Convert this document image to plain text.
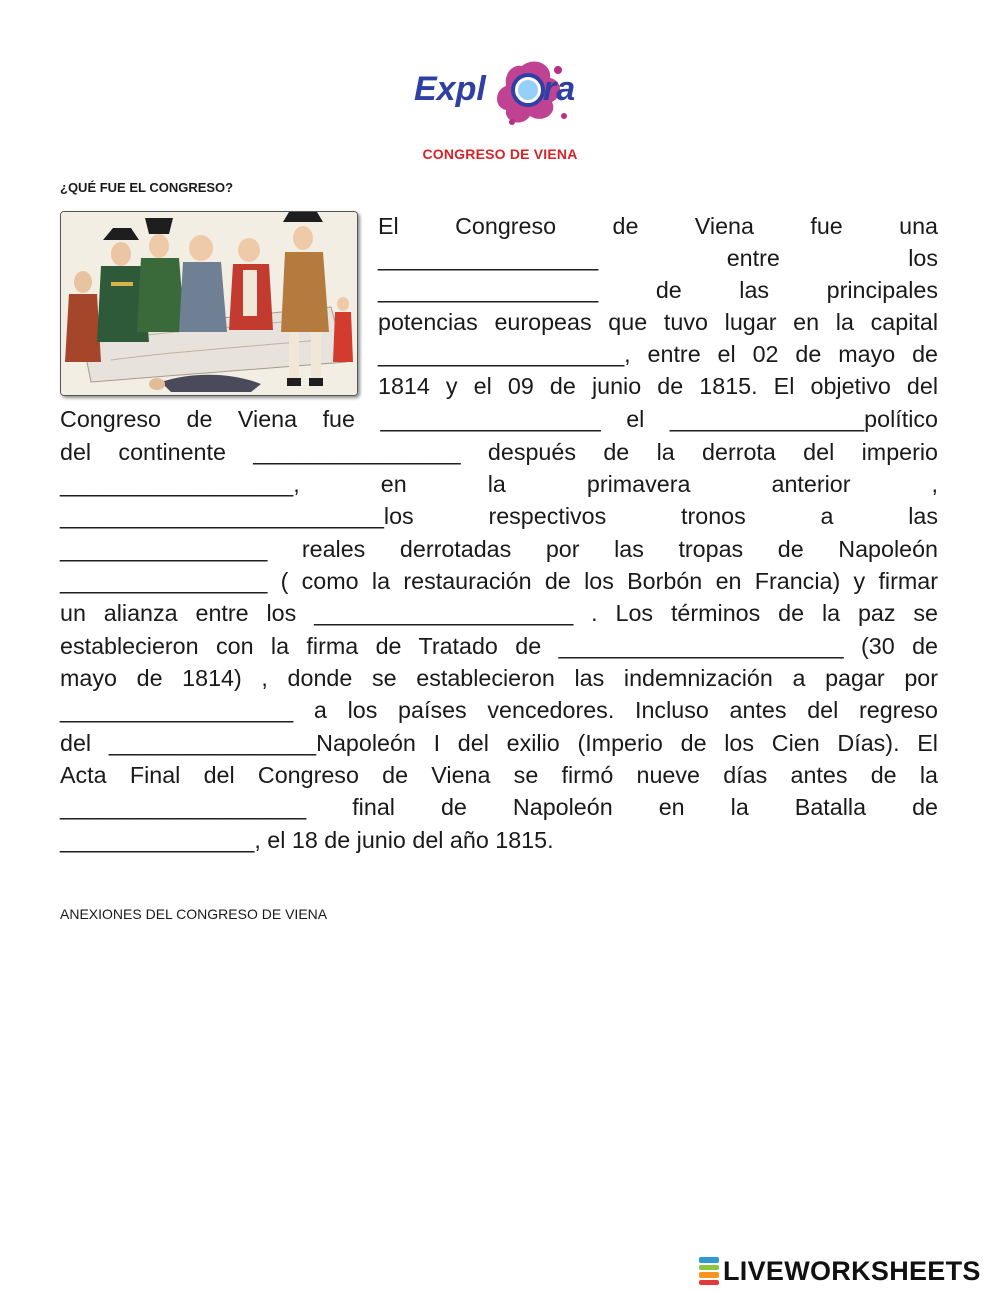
Expl ra
CONGRESO DE VIENA
¿QUÉ FUE EL CONGRESO?
El Congreso de Viena fue una
_________________ entre los
_________________ de las principales
potencias europeas que tuvo lugar en la capital
___________________, entre el 02 de mayo de
1814 y el 09 de junio de 1815. El objetivo del
Congreso de Viena fue _________________ el _______________político
del continente ________________ después de la derrota del imperio
__________________, en la primavera anterior ,
_________________________los respectivos tronos a las
________________ reales derrotadas por las tropas de Napoleón
________________ ( como la restauración de los Borbón en Francia) y firmar
un alianza entre los ____________________ . Los términos de la paz se
establecieron con la firma de Tratado de ______________________ (30 de
mayo de 1814) , donde se establecieron las indemnización a pagar por
__________________ a los países vencedores. Incluso antes del regreso
del ________________Napoleón I del exilio (Imperio de los Cien Días). El
Acta Final del Congreso de Viena se firmó nueve días antes de la
___________________ final de Napoleón en la Batalla de
_______________, el 18 de junio del año 1815.
ANEXIONES DEL CONGRESO DE VIENA
LIVEWORKSHEETS
